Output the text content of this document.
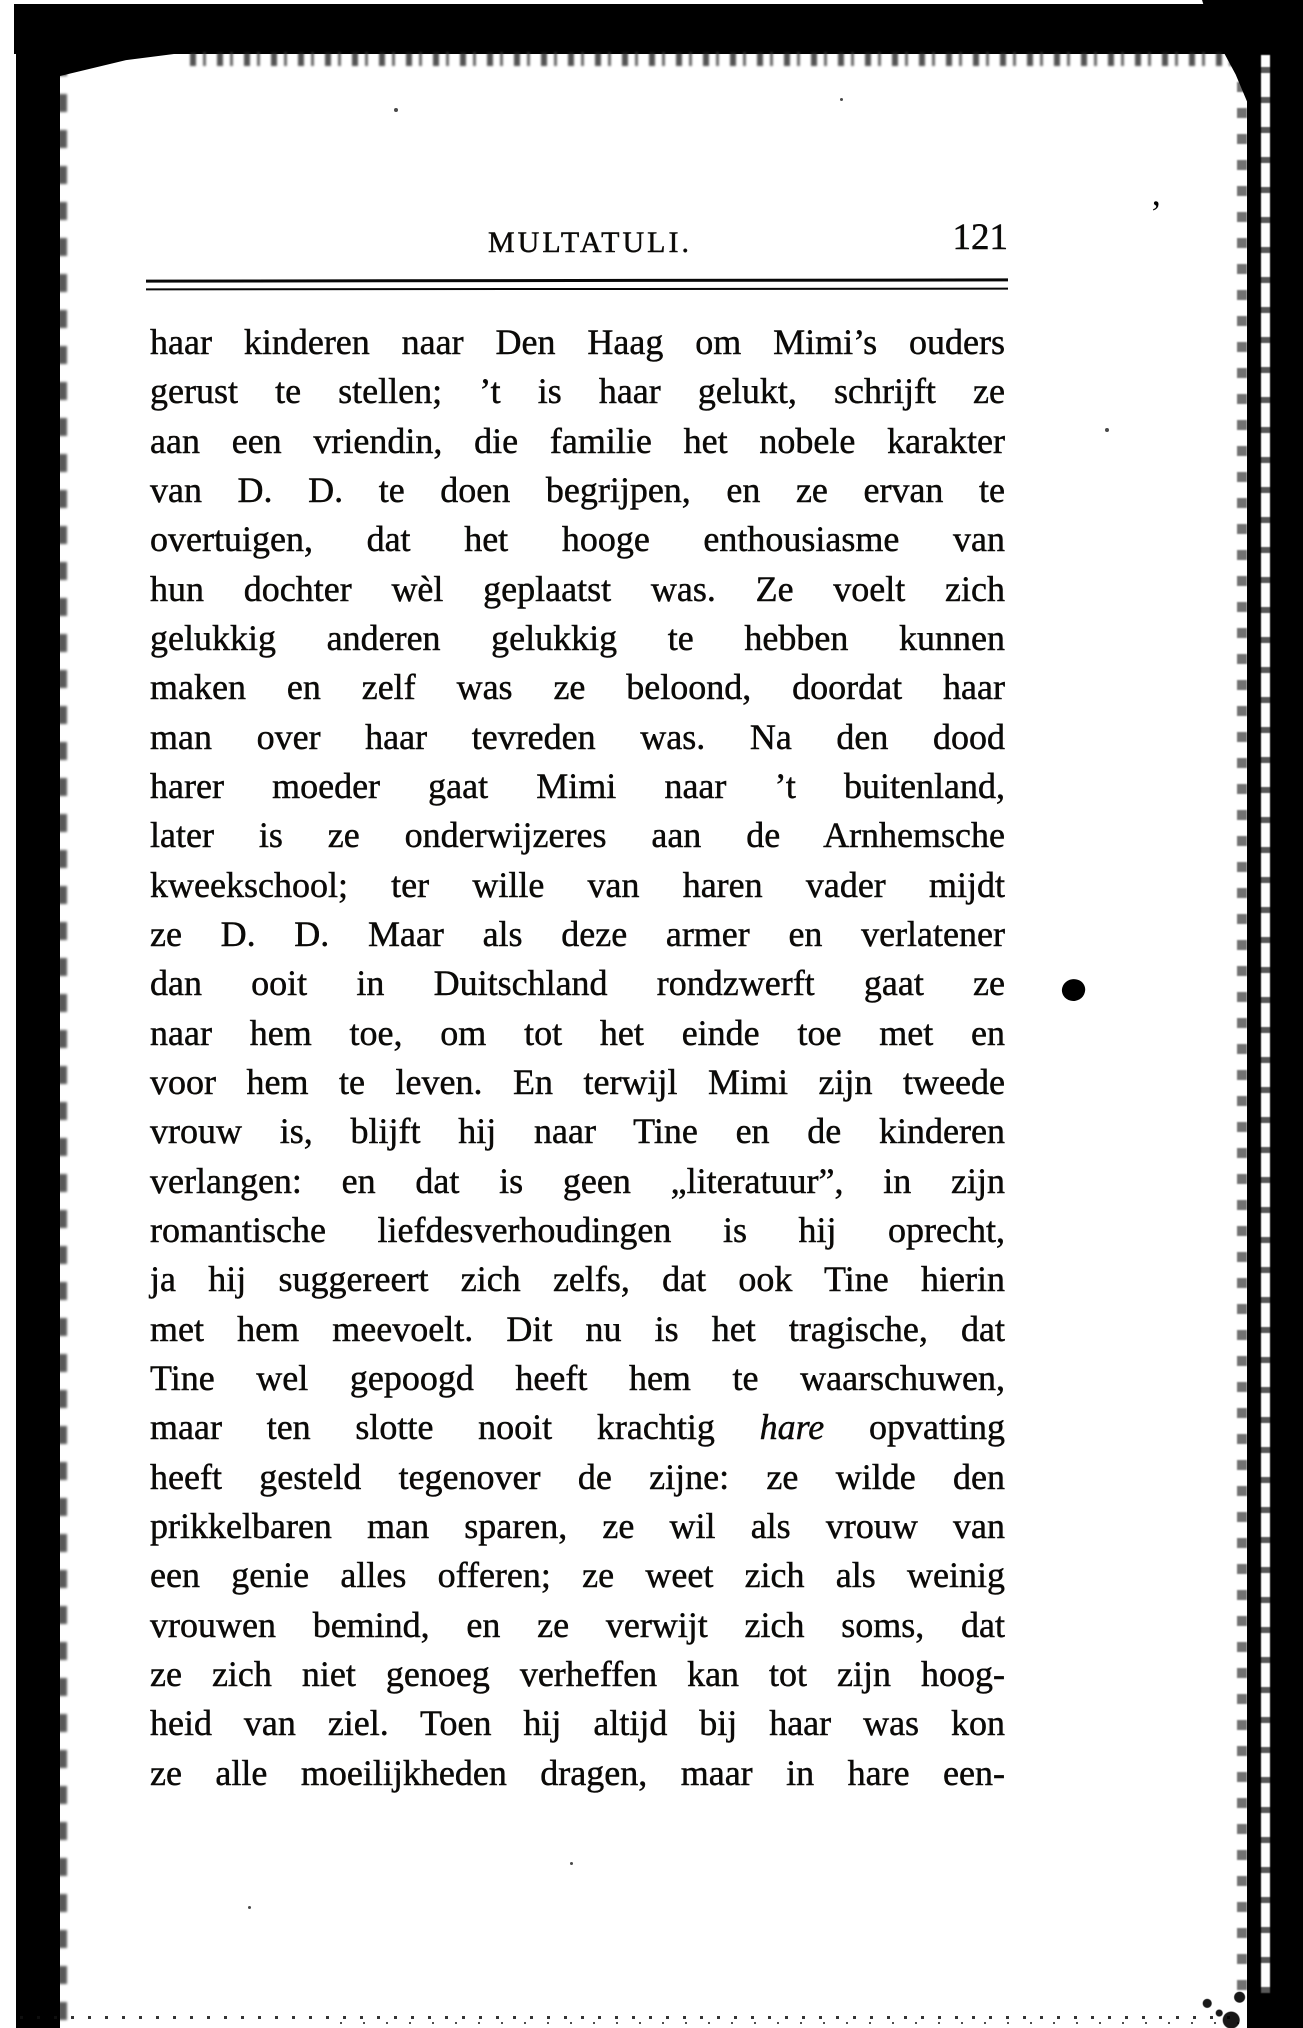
’
MULTATULI.	121
haar kinderen naar Den Haag om Mimi’s ouders
gerust te stellen; ’t is haar gelukt, schrijft ze
aan een vriendin, die familie het nobele karakter
van D. D. te doen begrijpen, en ze ervan te
overtuigen, dat het hooge enthousiasme van
hun dochter wèl geplaatst was. Ze voelt zich
gelukkig anderen gelukkig te hebben kunnen
maken en zelf was ze beloond, doordat haar
man over haar tevreden was. Na den dood
harer moeder gaat Mimi naar ’t buitenland,
later is ze onderwijzeres aan de Arnhemsche
kweekschool; ter wille van haren vader mijdt
ze D. D. Maar als deze armer en verlatener
dan ooit in Duitschland rondzwerft gaat ze
naar hem toe, om tot het einde toe met en
voor hem te leven. En terwijl Mimi zijn tweede
vrouw is, blijft hij naar Tine en de kinderen
verlangen: en dat is geen „literatuur”, in zijn
romantische liefdesverhoudingen is hij oprecht,
ja hij suggereert zich zelfs, dat ook Tine hierin
met hem meevoelt. Dit nu is het tragische, dat
Tine wel gepoogd heeft hem te waarschuwen,
maar ten slotte nooit krachtig hare opvatting
heeft gesteld tegenover de zijne: ze wilde den
prikkelbaren man sparen, ze wil als vrouw van
een genie alles offeren; ze weet zich als weinig
vrouwen bemind, en ze verwijt zich soms, dat
ze zich niet genoeg verheffen kan tot zijn hoog-
heid van ziel. Toen hij altijd bij haar was kon
ze alle moeilijkheden dragen, maar in hare een-
